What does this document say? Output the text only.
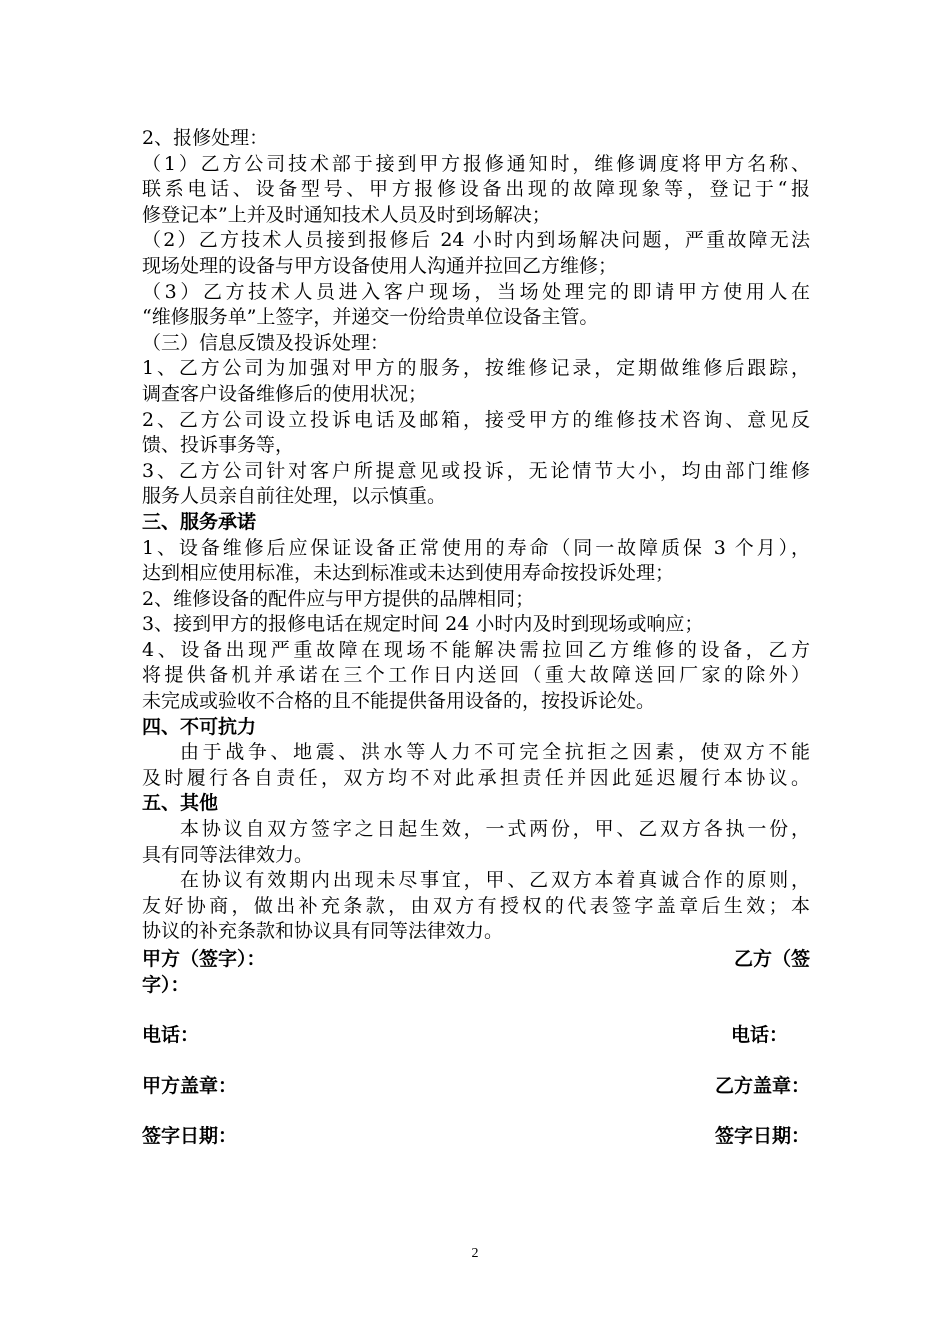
2、报修处理：

（1）乙方公司技术部于接到甲方报修通知时，维修调度将甲方名称、

联系电话、设备型号、甲方报修设备出现的故障现象等，登记于“报

修登记本”上并及时通知技术人员及时到场解决；

（2）乙方技术人员接到报修后 24 小时内到场解决问题，严重故障无法

现场处理的设备与甲方设备使用人沟通并拉回乙方维修；

（3）乙方技术人员进入客户现场，当场处理完的即请甲方使用人在

“维修服务单”上签字，并递交一份给贵单位设备主管。

（三）信息反馈及投诉处理：

1、乙方公司为加强对甲方的服务，按维修记录，定期做维修后跟踪，

调查客户设备维修后的使用状况；

2、乙方公司设立投诉电话及邮箱，接受甲方的维修技术咨询、意见反

馈、投诉事务等，

3、乙方公司针对客户所提意见或投诉，无论情节大小，均由部门维修

服务人员亲自前往处理，以示慎重。

三、服务承诺

1、设备维修后应保证设备正常使用的寿命（同一故障质保 3 个月），

达到相应使用标准，未达到标准或未达到使用寿命按投诉处理；

2、维修设备的配件应与甲方提供的品牌相同；

3、接到甲方的报修电话在规定时间 24 小时内及时到现场或响应；

4、设备出现严重故障在现场不能解决需拉回乙方维修的设备，乙方

将提供备机并承诺在三个工作日内送回（重大故障送回厂家的除外）

未完成或验收不合格的且不能提供备用设备的，按投诉论处。

四、不可抗力

由于战争、地震、洪水等人力不可完全抗拒之因素，使双方不能

及时履行各自责任，双方均不对此承担责任并因此延迟履行本协议。

五、其他

本协议自双方签字之日起生效，一式两份，甲、乙双方各执一份，

具有同等法律效力。

在协议有效期内出现未尽事宜，甲、乙双方本着真诚合作的原则，

友好协商，做出补充条款，由双方有授权的代表签字盖章后生效；本

协议的补充条款和协议具有同等法律效力。

甲方（签字）：	乙方（签
字）：
电话：	电话：
甲方盖章：	乙方盖章：
签字日期：	签字日期：
2
